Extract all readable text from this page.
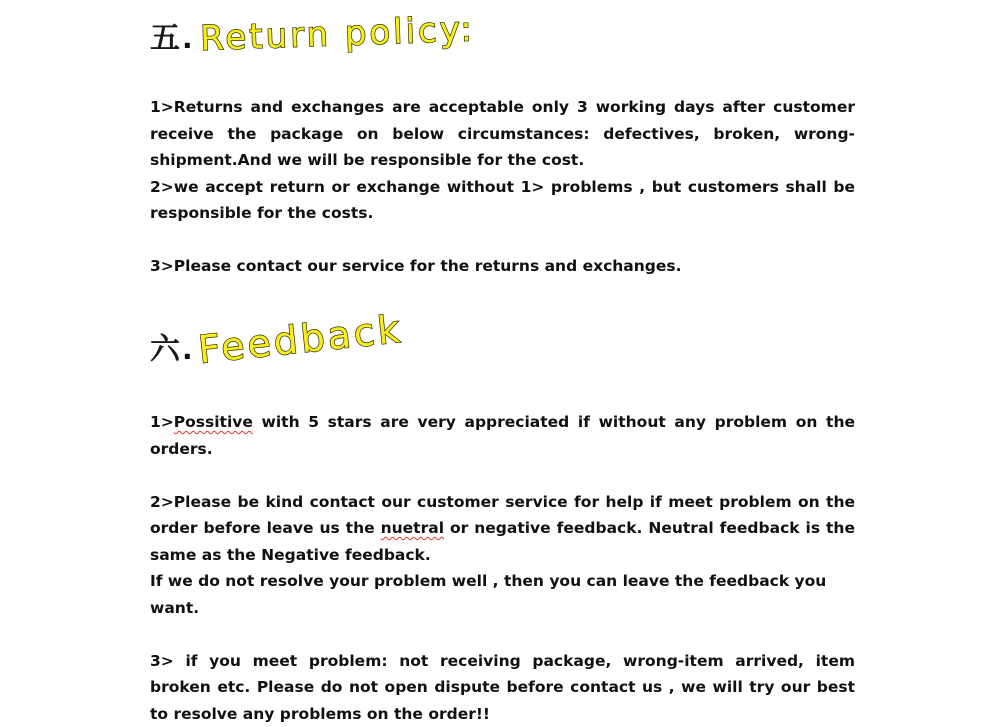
五 . Return policy:

1>Returns and exchanges are acceptable only 3 working days after customer receive the package on below circumstances: defectives, broken, wrong-shipment.And we will be responsible for the cost.

2>we accept return or exchange without 1> problems , but customers shall be responsible for the costs.

3>Please contact our service for the returns and exchanges.

六 . Feedback

1>Possitive with 5 stars are very appreciated if without any problem on the orders.

2>Please be kind contact our customer service for help if meet problem on the order before leave us the nuetral or negative feedback. Neutral feedback is the same as the Negative feedback.

If we do not resolve your problem well , then you can leave the feedback you want.

3> if you meet problem: not receiving package, wrong-item arrived, item broken etc. Please do not open dispute before contact us , we will try our best to resolve any problems on the order!!
